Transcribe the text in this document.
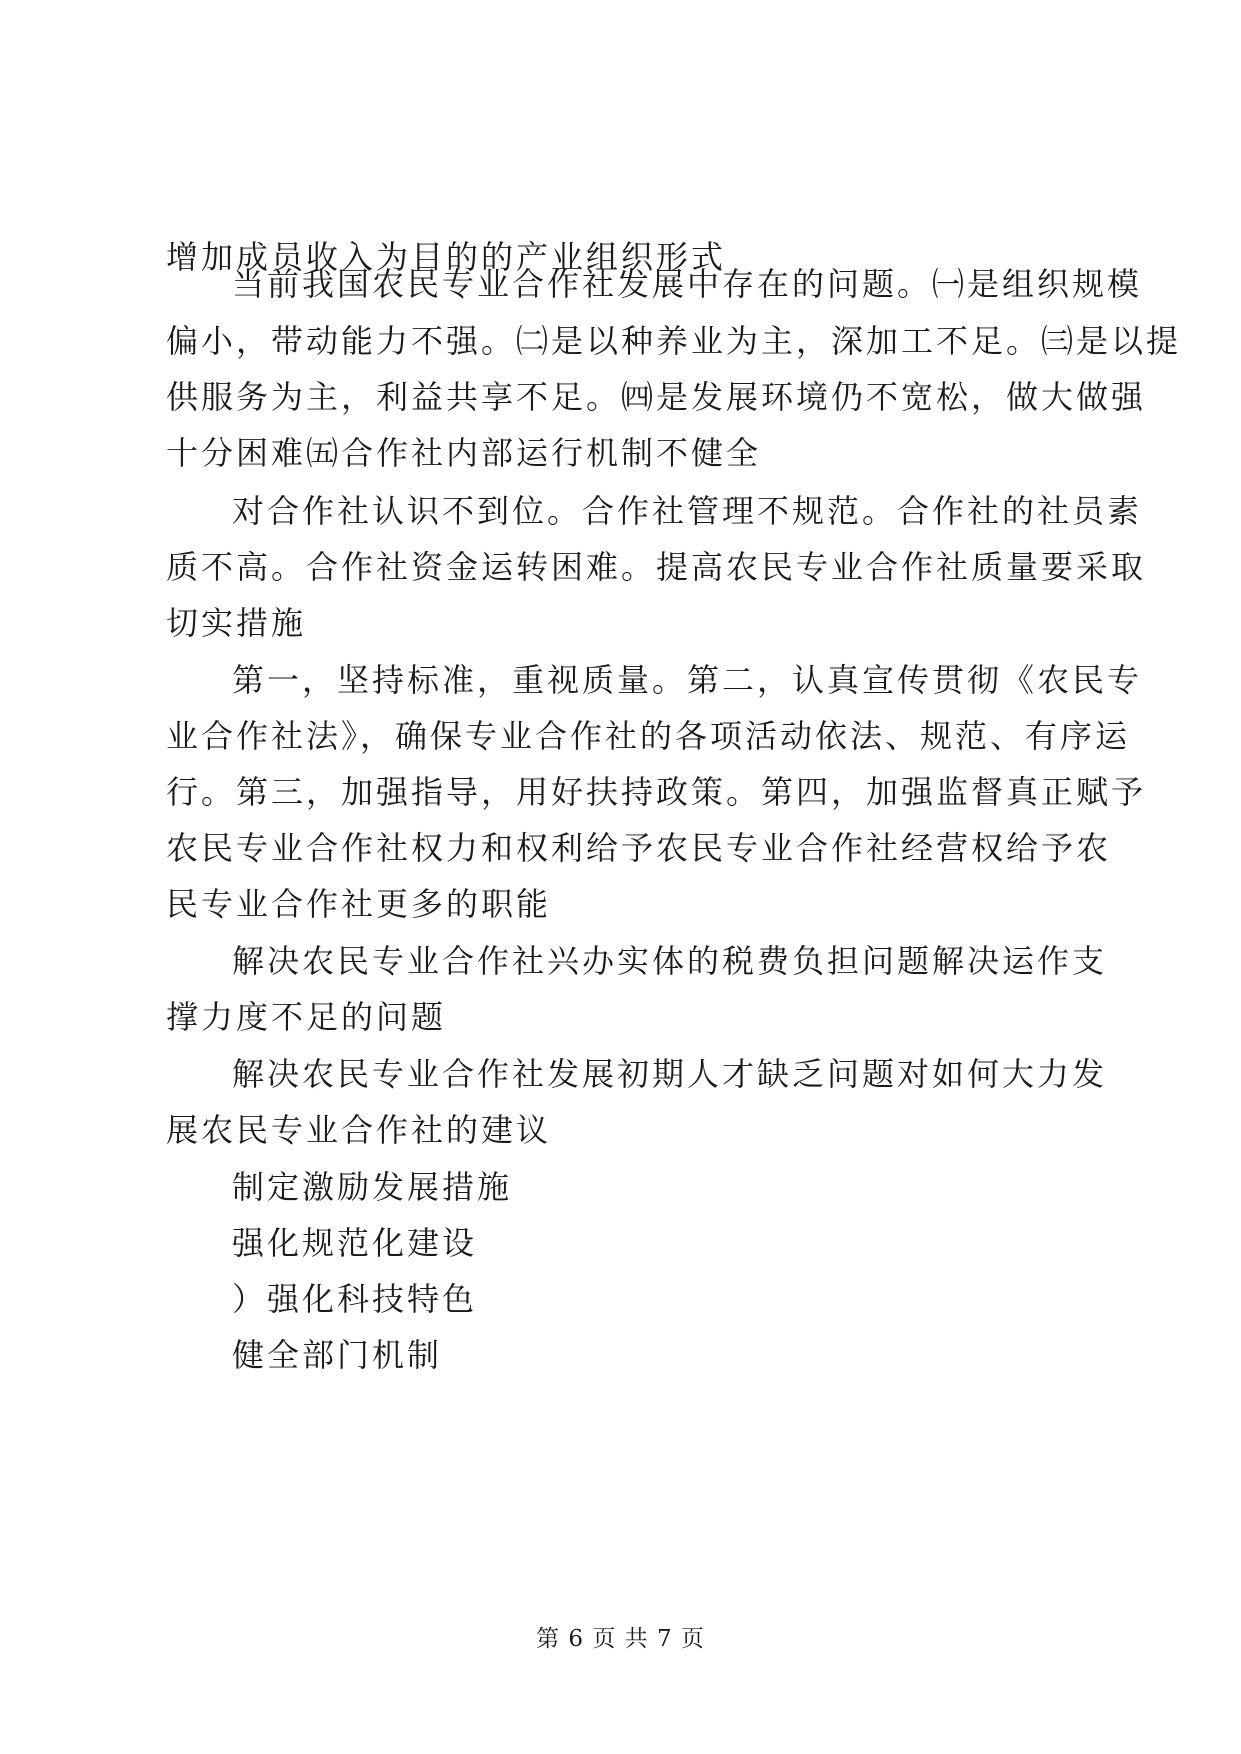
增加成员收入为目的的产业组织形式
当前我国农民专业合作社发展中存在的问题。㈠是组织规模
偏小，带动能力不强。㈡是以种养业为主，深加工不足。㈢是以提
供服务为主，利益共享不足。㈣是发展环境仍不宽松，做大做强
十分困难㈤合作社内部运行机制不健全
对合作社认识不到位。合作社管理不规范。合作社的社员素
质不高。合作社资金运转困难。提高农民专业合作社质量要采取
切实措施
第一，坚持标准，重视质量。第二，认真宣传贯彻《农民专
业合作社法》，确保专业合作社的各项活动依法、规范、有序运
行。第三，加强指导，用好扶持政策。第四，加强监督真正赋予
农民专业合作社权力和权利给予农民专业合作社经营权给予农
民专业合作社更多的职能
解决农民专业合作社兴办实体的税费负担问题解决运作支
撑力度不足的问题
解决农民专业合作社发展初期人才缺乏问题对如何大力发
展农民专业合作社的建议
制定激励发展措施
强化规范化建设
）强化科技特色
健全部门机制
第 6 页 共 7 页
